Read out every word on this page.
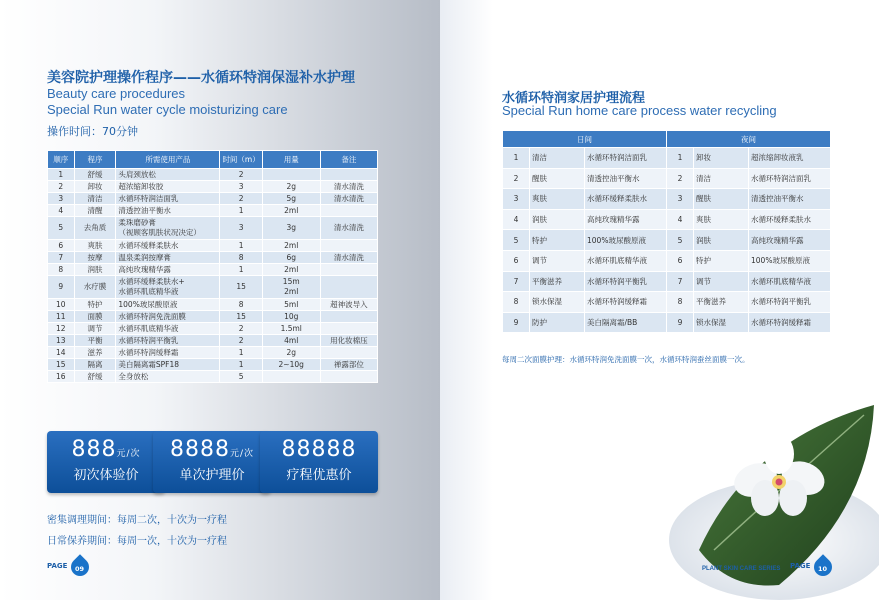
美容院护理操作程序——水循环特润保湿补水护理
Beauty care procedures
Special Run water cycle moisturizing care
操作时间：70分钟
顺序	程序	所需使用产品	时间（m）	用量	备注
1	舒缓	头肩颈放松	2		
2	卸妆	超浓缩卸妆胶	3	2g	清水清洗
3	清洁	水循环特润洁面乳	2	5g	清水清洗
4	清醒	清透控油平衡水	1	2ml	
5	去角质	柔珠磨砂膏
（视顾客肌肤状况决定）	3	3g	清水清洗
6	爽肤	水循环缓释柔肤水	1	2ml	
7	按摩	温泉柔润按摩膏	8	6g	清水清洗
8	润肤	高纯玫瑰精华露	1	2ml	
9	水疗膜	水循环缓释柔肤水+
水循环肌底精华液	15	15m
2ml	
10	特护	100%玻尿酸原液	8	5ml	超神波导入
11	面膜	水循环特润免洗面膜	15	10g	
12	调节	水循环肌底精华液	2	1.5ml	
13	平衡	水循环特润平衡乳	2	4ml	用化妆棉压
14	滋养	水循环特润缓释霜	1	2g	
15	隔离	美白隔离霜SPF18	1	2~10g	禅露部位
16	舒缓	全身放松	5		
888元/次
初次体验价
8888元/次
单次护理价
88888
疗程优惠价
密集调理期间：每周二次，十次为一疗程
日常保养期间：每周一次，十次为一疗程
PAGE 09
水循环特润家居护理流程
Special Run home care process water recycling
日间			夜间		
1	清洁	水循环特润洁面乳	1	卸妆	超浓缩卸妆液乳
2	醒肤	清透控油平衡水	2	清洁	水循环特润洁面乳
3	爽肤	水循环缓释柔肤水	3	醒肤	清透控油平衡水
4	润肤	高纯玫瑰精华露	4	爽肤	水循环缓释柔肤水
5	特护	100%玻尿酸原液	5	润肤	高纯玫瑰精华露
6	调节	水循环肌底精华液	6	特护	100%玻尿酸原液
7	平衡滋养	水循环特润平衡乳	7	调节	水循环肌底精华液
8	锁水保湿	水循环特润缓释霜	8	平衡滋养	水循环特润平衡乳
9	防护	美白隔离霜/BB	9	锁水保湿	水循环特润缓释霜
每周二次面膜护理：水循环特润免洗面膜一次，水循环特润蚕丝面膜一次。
PLANT SKIN CARE SERIES PAGE 10
